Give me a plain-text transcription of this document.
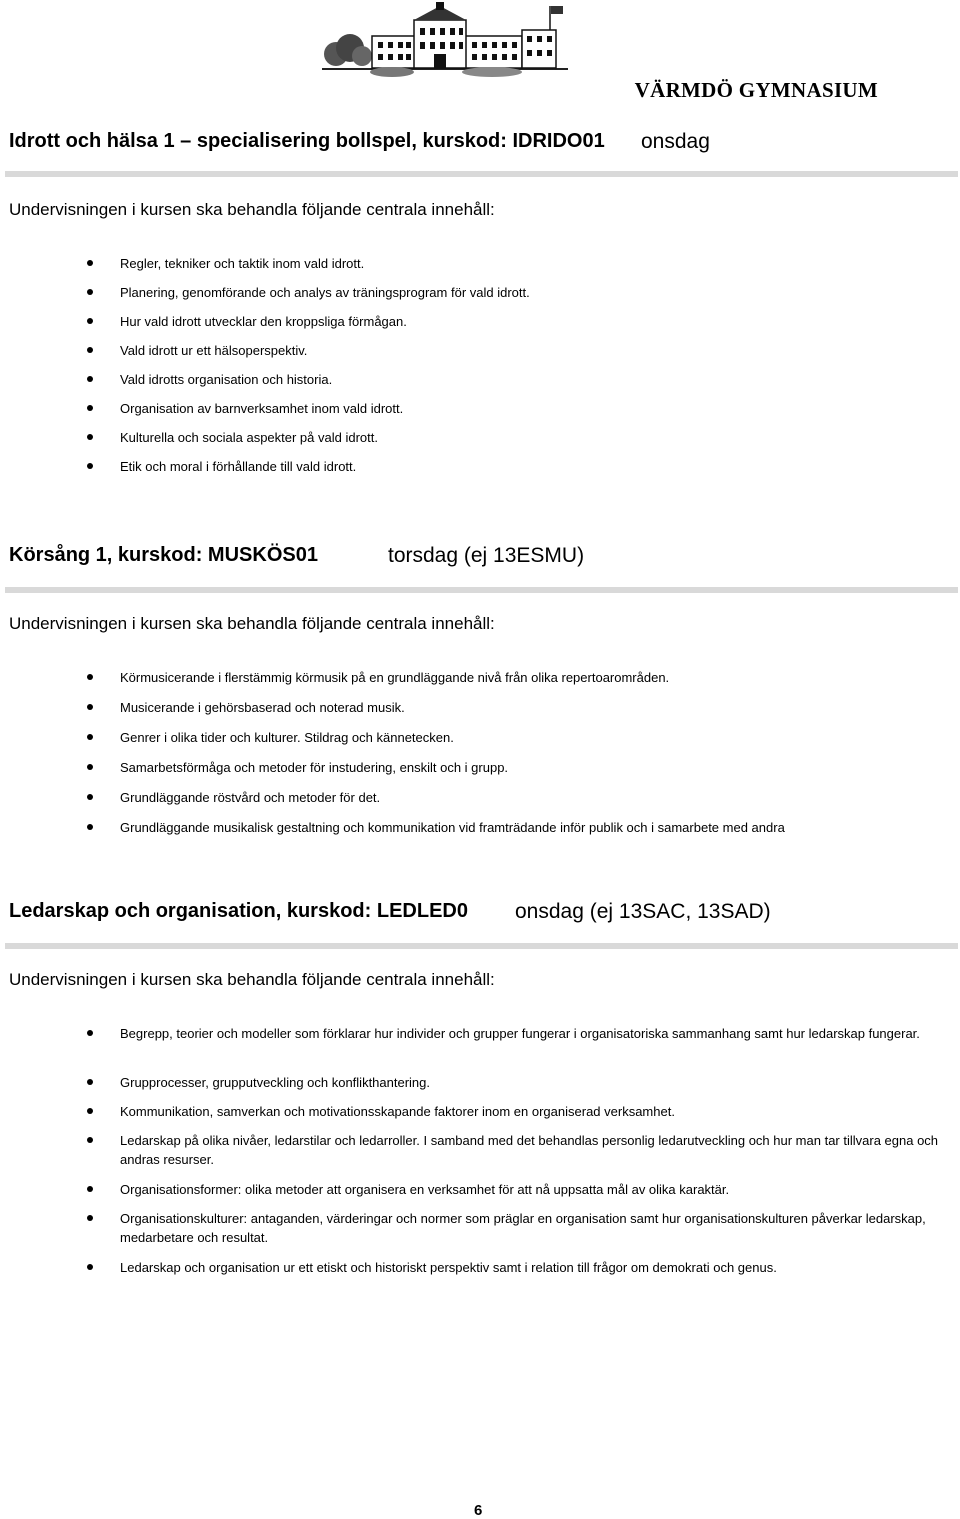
VÄRMDÖ GYMNASIUM
Idrott och hälsa 1 – specialisering bollspel, kurskod: IDRIDO01 onsdag
Undervisningen i kursen ska behandla följande centrala innehåll:
Regler, tekniker och taktik inom vald idrott.
Planering, genomförande och analys av träningsprogram för vald idrott.
Hur vald idrott utvecklar den kroppsliga förmågan.
Vald idrott ur ett hälsoperspektiv.
Vald idrotts organisation och historia.
Organisation av barnverksamhet inom vald idrott.
Kulturella och sociala aspekter på vald idrott.
Etik och moral i förhållande till vald idrott.
Körsång 1, kurskod: MUSKÖS01	torsdag (ej 13ESMU)
Undervisningen i kursen ska behandla följande centrala innehåll:
Körmusicerande i flerstämmig körmusik på en grundläggande nivå från olika repertoarområden.
Musicerande i gehörsbaserad och noterad musik.
Genrer i olika tider och kulturer. Stildrag och kännetecken.
Samarbetsförmåga och metoder för instudering, enskilt och i grupp.
Grundläggande röstvård och metoder för det.
Grundläggande musikalisk gestaltning och kommunikation vid framträdande inför publik och i samarbete med andra
Ledarskap och organisation, kurskod: LEDLED0 onsdag (ej 13SAC, 13SAD)
Undervisningen i kursen ska behandla följande centrala innehåll:
Begrepp, teorier och modeller som förklarar hur individer och grupper fungerar i organisatoriska sammanhang samt hur ledarskap fungerar.
Grupprocesser, grupputveckling och konflikthantering.
Kommunikation, samverkan och motivationsskapande faktorer inom en organiserad verksamhet.
Ledarskap på olika nivåer, ledarstilar och ledarroller. I samband med det behandlas personlig ledarutveckling och hur man tar tillvara egna och andras resurser.
Organisationsformer: olika metoder att organisera en verksamhet för att nå uppsatta mål av olika karaktär.
Organisationskulturer: antaganden, värderingar och normer som präglar en organisation samt hur organisationskulturen påverkar ledarskap, medarbetare och resultat.
Ledarskap och organisation ur ett etiskt och historiskt perspektiv samt i relation till frågor om demokrati och genus.
6
